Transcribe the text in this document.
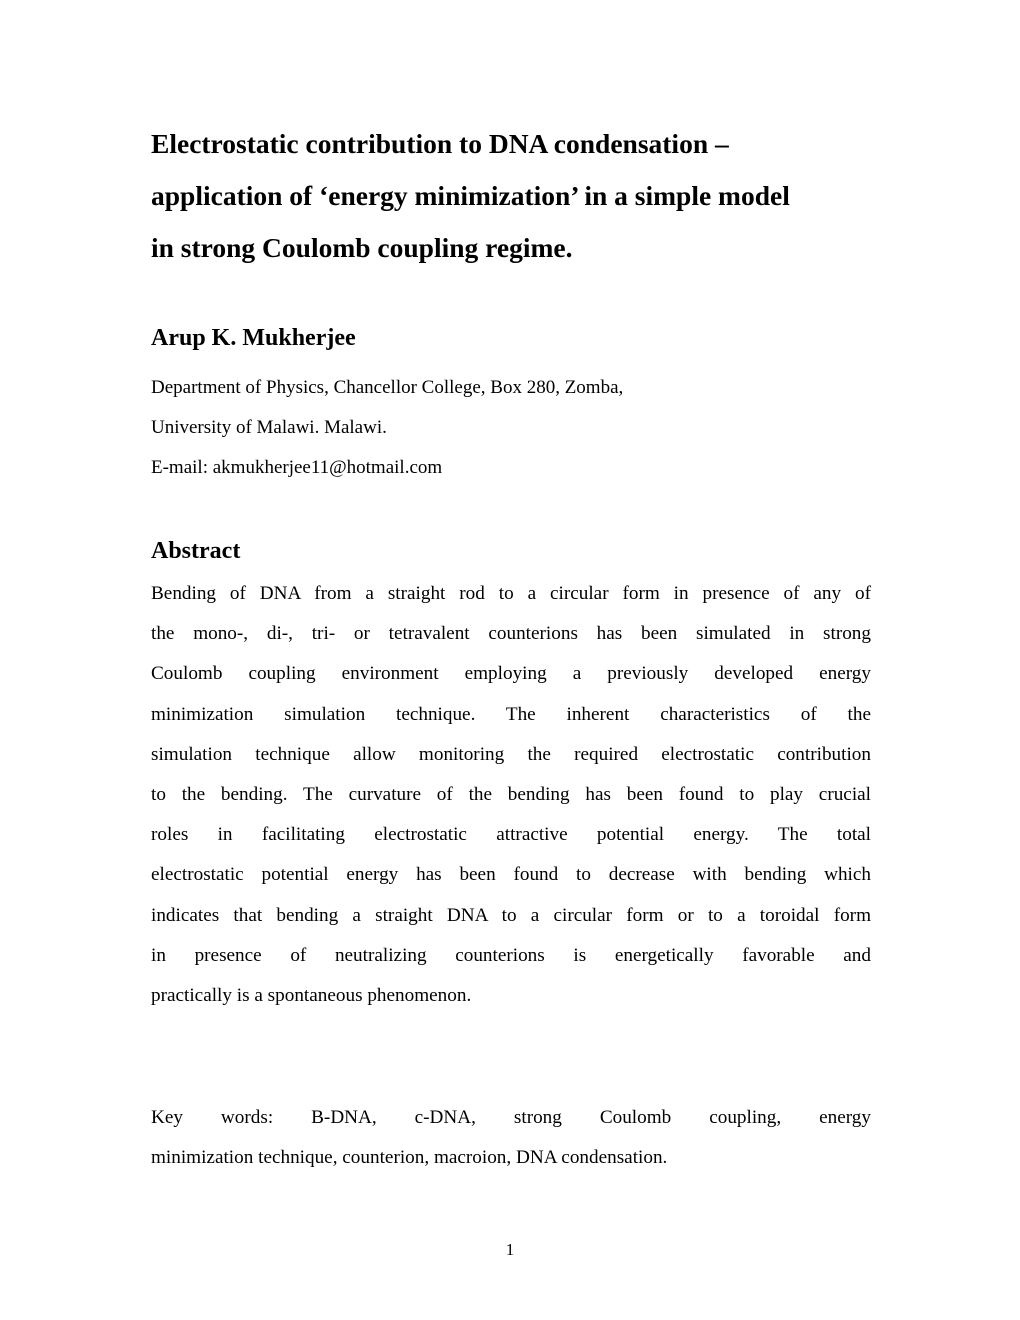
Electrostatic contribution to DNA condensation –
application of ‘energy minimization’ in a simple model
in strong Coulomb coupling regime.
Arup K. Mukherjee
Department of Physics, Chancellor College, Box 280, Zomba,
University of Malawi. Malawi.
E-mail: akmukherjee11@hotmail.com
Abstract
Bending of DNA from a straight rod to a circular form in presence of any of
the mono-, di-, tri- or tetravalent counterions has been simulated in strong
Coulomb coupling environment employing a previously developed energy
minimization simulation technique. The inherent characteristics of the
simulation technique allow monitoring the required electrostatic contribution
to the bending. The curvature of the bending has been found to play crucial
roles in facilitating electrostatic attractive potential energy. The total
electrostatic potential energy has been found to decrease with bending which
indicates that bending a straight DNA to a circular form or to a toroidal form
in presence of neutralizing counterions is energetically favorable and
practically is a spontaneous phenomenon.
Key words: B-DNA, c-DNA, strong Coulomb coupling, energy
minimization technique, counterion, macroion, DNA condensation.
1
